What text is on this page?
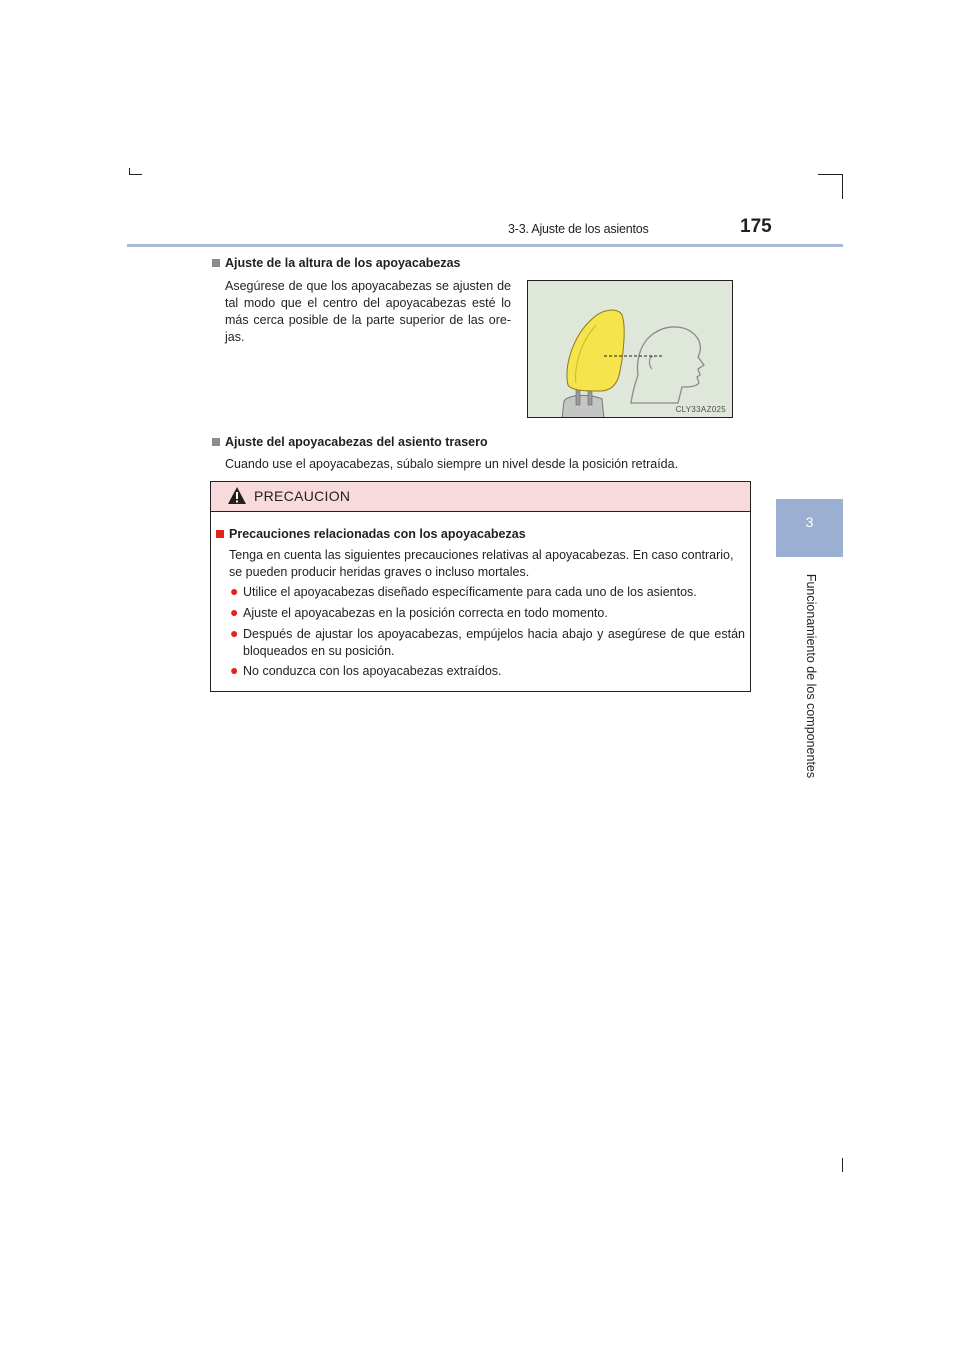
3-3. Ajuste de los asientos	175
3
Funcionamiento de los componentes
Ajuste de la altura de los apoyacabezas
Asegúrese de que los apoyacabezas se ajusten de tal modo que el centro del apoyacabezas esté lo más cerca posible de la parte superior de las ore- jas.
CLY33AZ025
Ajuste del apoyacabezas del asiento trasero
Cuando use el apoyacabezas, súbalo siempre un nivel desde la posición retraída.
PRECAUCION
Precauciones relacionadas con los apoyacabezas
Tenga en cuenta las siguientes precauciones relativas al apoyacabezas. En caso contrario, se pueden producir heridas graves o incluso mortales.
● Utilice el apoyacabezas diseñado específicamente para cada uno de los asientos.
● Ajuste el apoyacabezas en la posición correcta en todo momento.
● Después de ajustar los apoyacabezas, empújelos hacia abajo y asegúrese de que están bloqueados en su posición.
● No conduzca con los apoyacabezas extraídos.
